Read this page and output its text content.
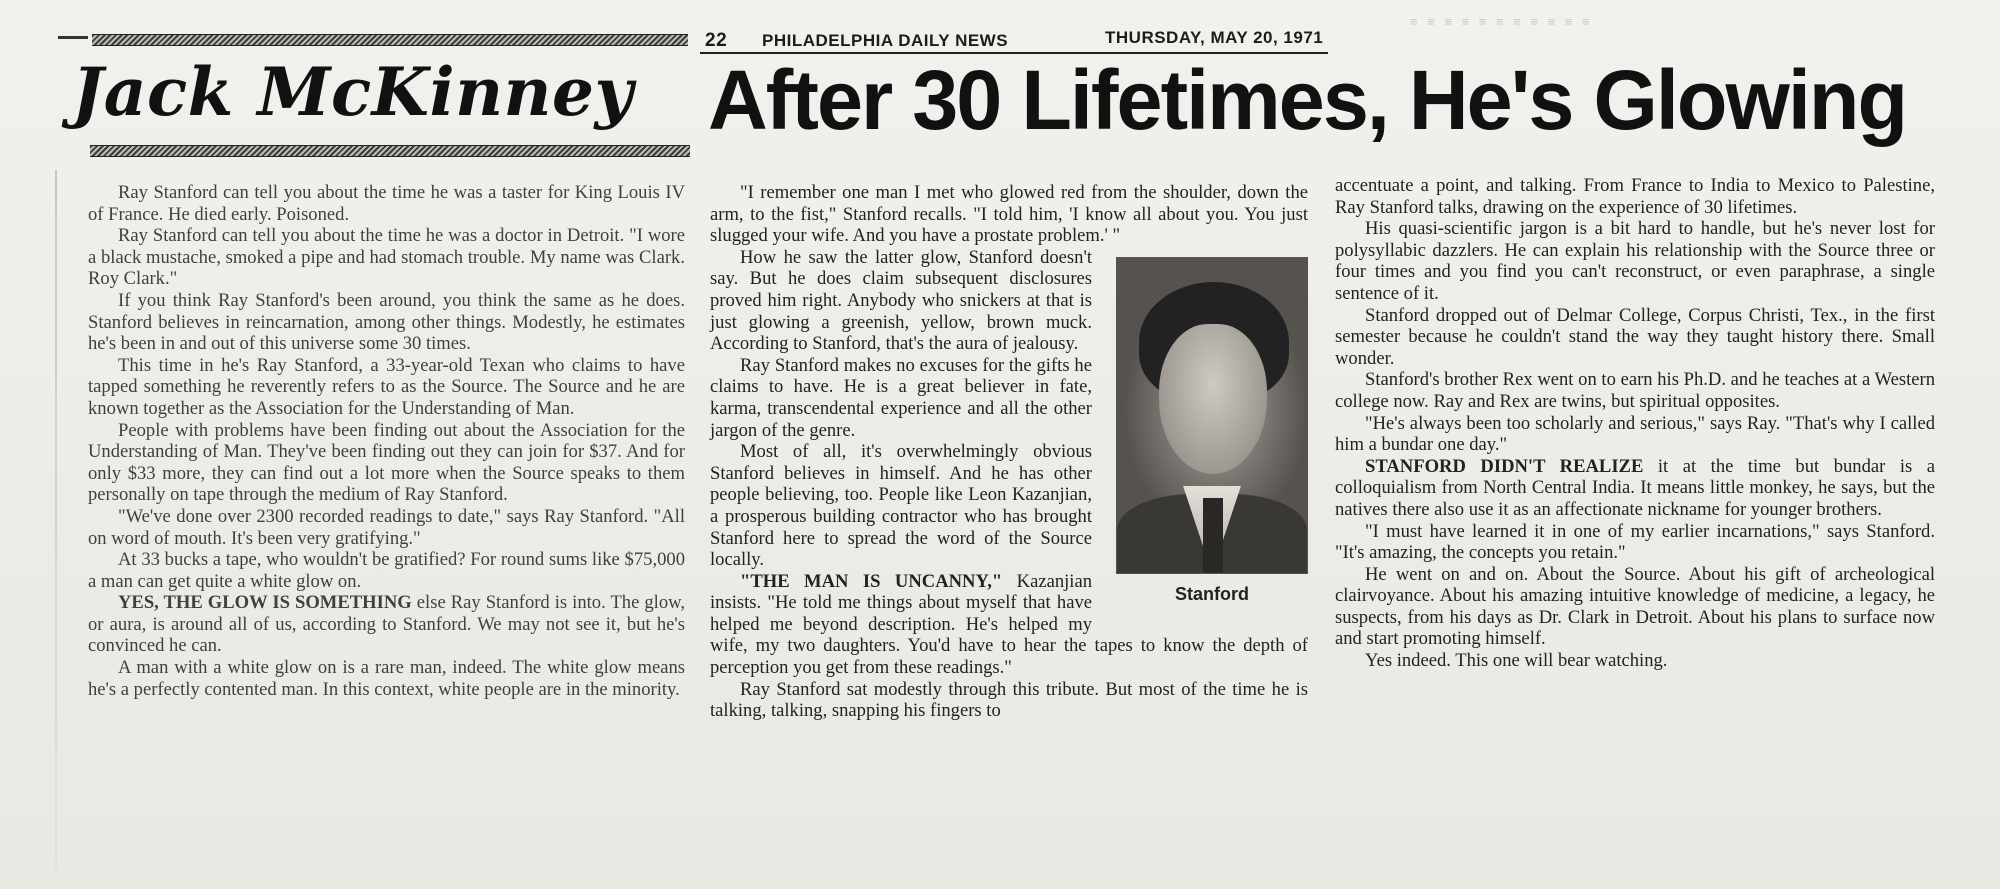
≡ ≡ ≡ ≡ ≡ ≡ ≡ ≡ ≡ ≡ ≡
22 PHILADELPHIA DAILY NEWS	THURSDAY, MAY 20, 1971
Jack McKinney After 30 Lifetimes, He's Glowing

Ray Stanford can tell you about the time he was a taster for King Louis IV of France. He died early. Poisoned.

Ray Stanford can tell you about the time he was a doctor in Detroit. "I wore a black mustache, smoked a pipe and had stomach trouble. My name was Clark. Roy Clark."

If you think Ray Stanford's been around, you think the same as he does. Stanford believes in reincarnation, among other things. Modestly, he estimates he's been in and out of this universe some 30 times.

This time in he's Ray Stanford, a 33-year-old Texan who claims to have tapped something he reverently refers to as the Source. The Source and he are known together as the Association for the Understanding of Man.

People with problems have been finding out about the Association for the Understanding of Man. They've been finding out they can join for $37. And for only $33 more, they can find out a lot more when the Source speaks to them personally on tape through the medium of Ray Stanford.

"We've done over 2300 recorded readings to date," says Ray Stanford. "All on word of mouth. It's been very gratifying."

At 33 bucks a tape, who wouldn't be gratified? For round sums like $75,000 a man can get quite a white glow on.

YES, THE GLOW IS SOMETHING else Ray Stanford is into. The glow, or aura, is around all of us, according to Stanford. We may not see it, but he's convinced he can.

A man with a white glow on is a rare man, indeed. The white glow means he's a perfectly contented man. In this context, white people are in the minority.

"I remember one man I met who glowed red from the shoulder, down the arm, to the fist," Stanford recalls. "I told him, 'I know all about you. You just slugged your wife. And you have a prostate problem.' "

Stanford

How he saw the latter glow, Stanford doesn't say. But he does claim subsequent disclosures proved him right. Anybody who snickers at that is just glowing a greenish, yellow, brown muck. According to Stanford, that's the aura of jealousy.

Ray Stanford makes no excuses for the gifts he claims to have. He is a great believer in fate, karma, transcendental experience and all the other jargon of the genre.

Most of all, it's overwhelmingly obvious Stanford believes in himself. And he has other people believing, too. People like Leon Kazanjian, a prosperous building contractor who has brought Stanford here to spread the word of the Source locally.

"THE MAN IS UNCANNY," Kazanjian insists. "He told me things about myself that have helped me beyond description. He's helped my wife, my two daughters. You'd have to hear the tapes to know the depth of perception you get from these readings."

Ray Stanford sat modestly through this tribute. But most of the time he is talking, talking, snapping his fingers to

accentuate a point, and talking. From France to India to Mexico to Palestine, Ray Stanford talks, drawing on the experience of 30 lifetimes.

His quasi-scientific jargon is a bit hard to handle, but he's never lost for polysyllabic dazzlers. He can explain his relationship with the Source three or four times and you find you can't reconstruct, or even paraphrase, a single sentence of it.

Stanford dropped out of Delmar College, Corpus Christi, Tex., in the first semester because he couldn't stand the way they taught history there. Small wonder.

Stanford's brother Rex went on to earn his Ph.D. and he teaches at a Western college now. Ray and Rex are twins, but spiritual opposites.

"He's always been too scholarly and serious," says Ray. "That's why I called him a bundar one day."

STANFORD DIDN'T REALIZE it at the time but bundar is a colloquialism from North Central India. It means little monkey, he says, but the natives there also use it as an affectionate nickname for younger brothers.

"I must have learned it in one of my earlier incarnations," says Stanford. "It's amazing, the concepts you retain."

He went on and on. About the Source. About his gift of archeological clairvoyance. About his amazing intuitive knowledge of medicine, a legacy, he suspects, from his days as Dr. Clark in Detroit. About his plans to surface now and start promoting himself.

Yes indeed. This one will bear watching.
